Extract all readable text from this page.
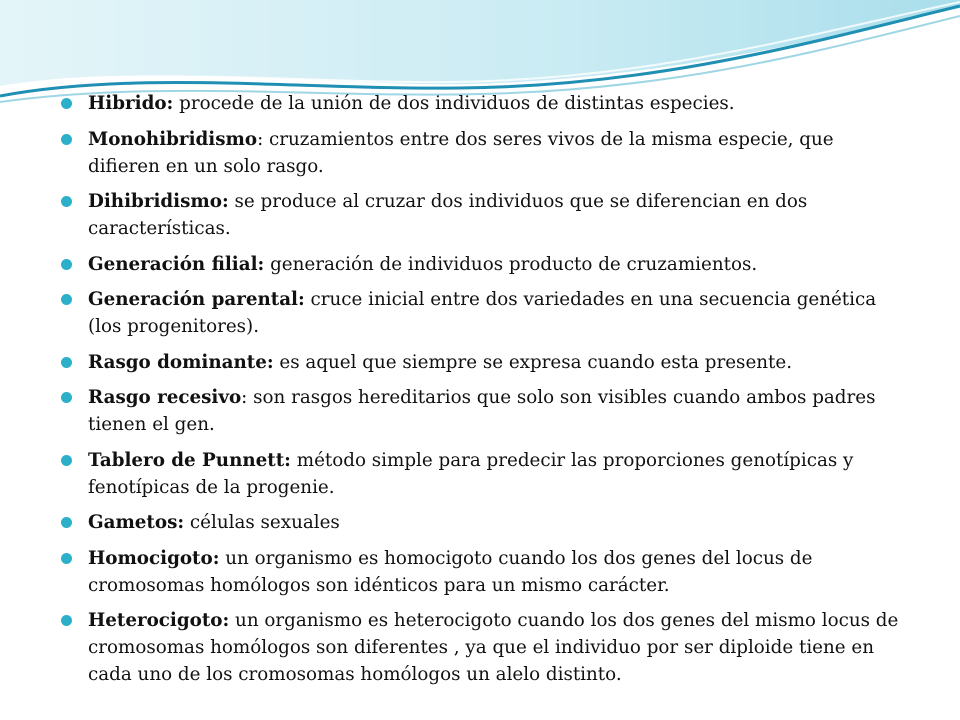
Hibrido: procede de la unión de dos individuos de distintas especies.
Monohibridismo: cruzamientos entre dos seres vivos de la misma especie, que difieren en un solo rasgo.
Dihibridismo: se produce al cruzar dos individuos que se diferencian en dos características.
Generación filial: generación de individuos producto de cruzamientos.
Generación parental: cruce inicial entre dos variedades en una secuencia genética (los progenitores).
Rasgo dominante: es aquel que siempre se expresa cuando esta presente.
Rasgo recesivo: son rasgos hereditarios que solo son visibles cuando ambos padres tienen el gen.
Tablero de Punnett: método simple para predecir las proporciones genotípicas y fenotípicas de la progenie.
Gametos: células sexuales
Homocigoto: un organismo es homocigoto cuando los dos genes del locus de cromosomas homólogos son idénticos para un mismo carácter.
Heterocigoto: un organismo es heterocigoto cuando los dos genes del mismo locus de cromosomas homólogos son diferentes , ya que el individuo por ser diploide tiene en cada uno de los cromosomas homólogos un alelo distinto.
